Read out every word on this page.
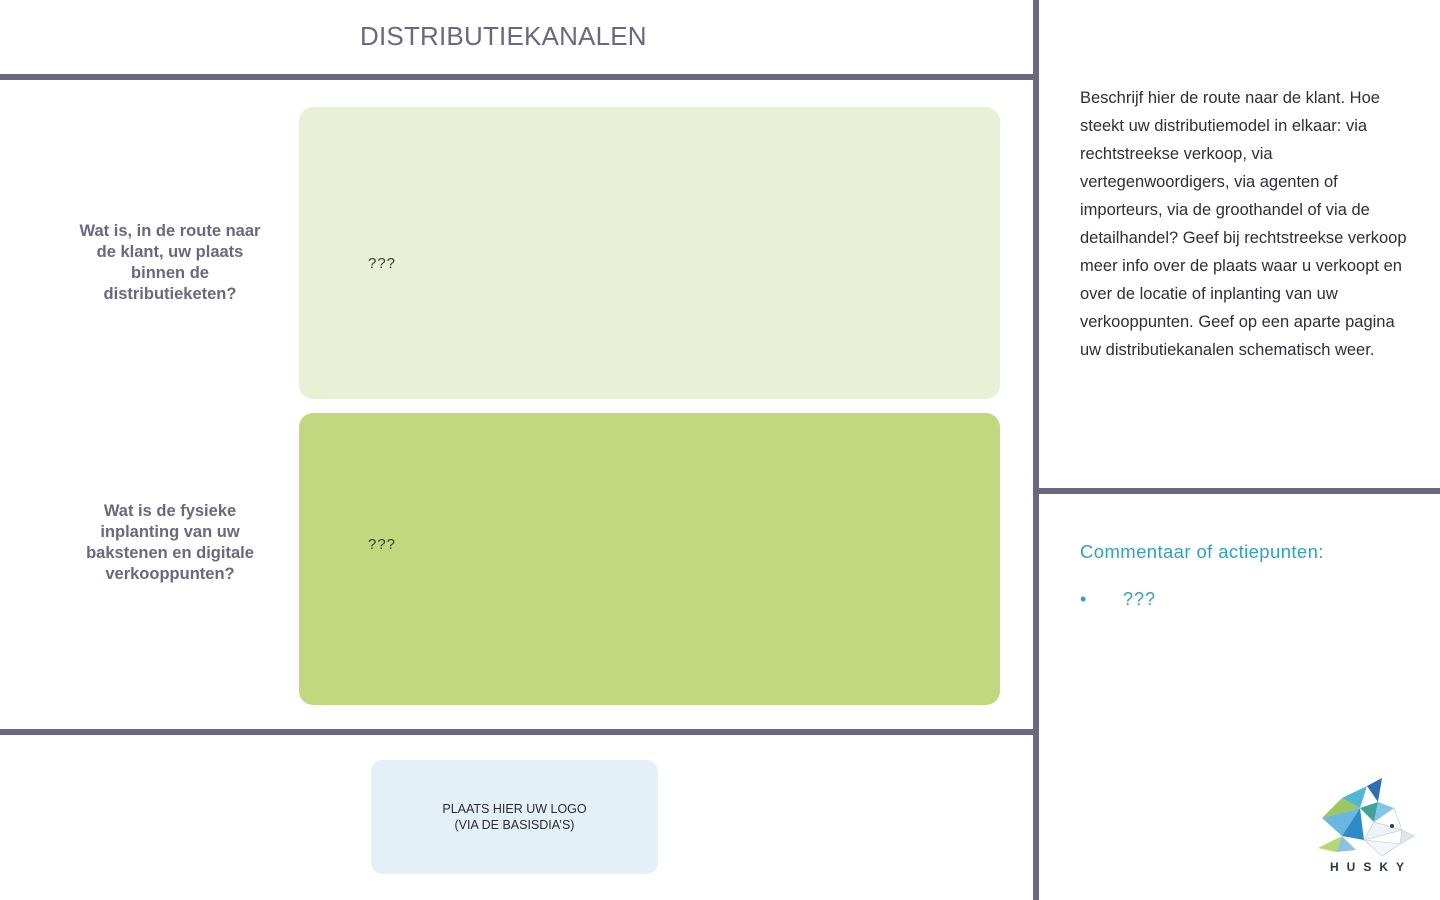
DISTRIBUTIEKANALEN
Wat is, in de route naar de klant, uw plaats binnen de distributieketen?
Wat is de fysieke inplanting van uw bakstenen en digitale verkooppunten?
???
???
Beschrijf hier de route naar de klant. Hoe steekt uw distributiemodel in elkaar: via rechtstreekse verkoop, via vertegenwoordigers, via agenten of importeurs, via de groothandel of via de detailhandel? Geef bij rechtstreekse verkoop meer info over de plaats waar u verkoopt en over de locatie of inplanting van uw verkooppunten. Geef op een aparte pagina uw distributiekanalen schematisch weer.
Commentaar of actiepunten:
• ???
PLAATS HIER UW LOGO
(VIA DE BASISDIA’S)
HUSKY
